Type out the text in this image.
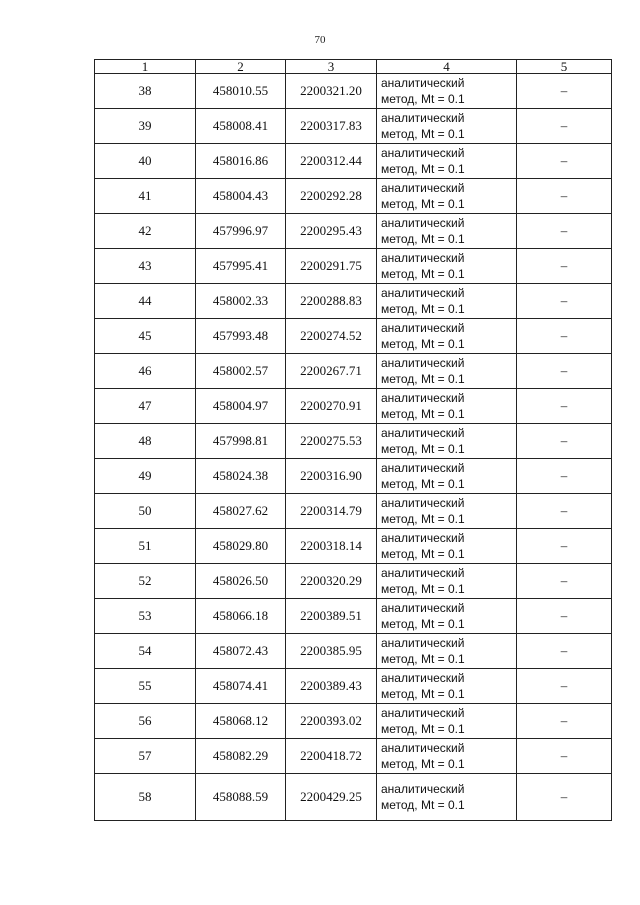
70
1	2	3	4	5
38	458010.55	2200321.20	аналитический
метод, Mt = 0.1	–
39	458008.41	2200317.83	аналитический
метод, Mt = 0.1	–
40	458016.86	2200312.44	аналитический
метод, Mt = 0.1	–
41	458004.43	2200292.28	аналитический
метод, Mt = 0.1	–
42	457996.97	2200295.43	аналитический
метод, Mt = 0.1	–
43	457995.41	2200291.75	аналитический
метод, Mt = 0.1	–
44	458002.33	2200288.83	аналитический
метод, Mt = 0.1	–
45	457993.48	2200274.52	аналитический
метод, Mt = 0.1	–
46	458002.57	2200267.71	аналитический
метод, Mt = 0.1	–
47	458004.97	2200270.91	аналитический
метод, Mt = 0.1	–
48	457998.81	2200275.53	аналитический
метод, Mt = 0.1	–
49	458024.38	2200316.90	аналитический
метод, Mt = 0.1	–
50	458027.62	2200314.79	аналитический
метод, Mt = 0.1	–
51	458029.80	2200318.14	аналитический
метод, Mt = 0.1	–
52	458026.50	2200320.29	аналитический
метод, Mt = 0.1	–
53	458066.18	2200389.51	аналитический
метод, Mt = 0.1	–
54	458072.43	2200385.95	аналитический
метод, Mt = 0.1	–
55	458074.41	2200389.43	аналитический
метод, Mt = 0.1	–
56	458068.12	2200393.02	аналитический
метод, Mt = 0.1	–
57	458082.29	2200418.72	аналитический
метод, Mt = 0.1	–
58	458088.59	2200429.25	аналитический
метод, Mt = 0.1	–
